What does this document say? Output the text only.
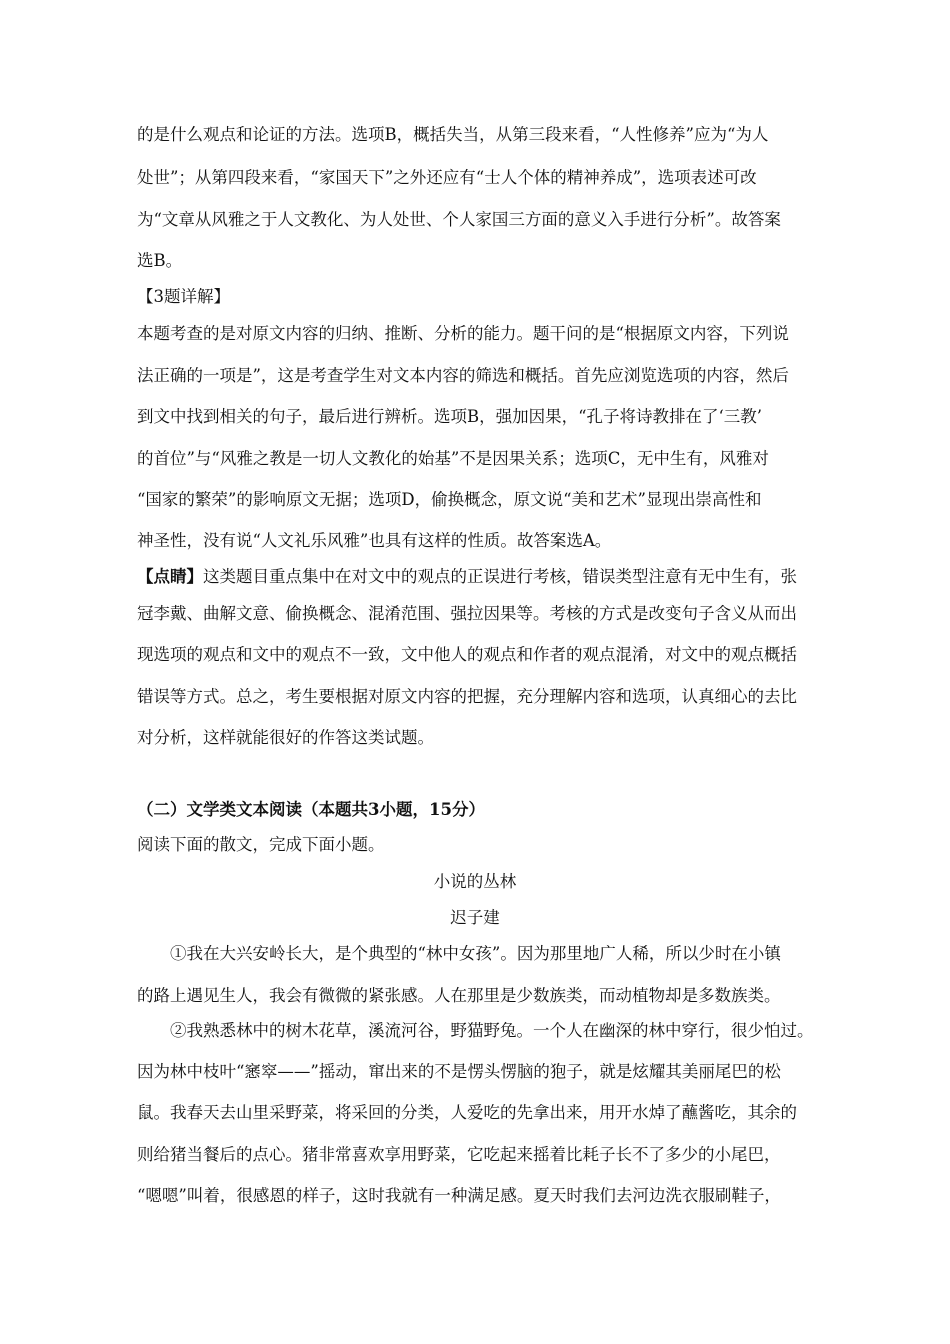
的是什么观点和论证的方法。选项B，概括失当，从第三段来看，“人性修养”应为“为人
处世”；从第四段来看，“家国天下”之外还应有“士人个体的精神养成”，选项表述可改
为“文章从风雅之于人文教化、为人处世、个人家国三方面的意义入手进行分析”。故答案
选B。
【3题详解】
本题考查的是对原文内容的归纳、推断、分析的能力。题干问的是“根据原文内容，下列说
法正确的一项是”，这是考查学生对文本内容的筛选和概括。首先应浏览选项的内容，然后
到文中找到相关的句子，最后进行辨析。选项B，强加因果，“孔子将诗教排在了‘三教’
的首位”与“风雅之教是一切人文教化的始基”不是因果关系；选项C，无中生有，风雅对
“国家的繁荣”的影响原文无据；选项D，偷换概念，原文说“美和艺术”显现出崇高性和
神圣性，没有说“人文礼乐风雅”也具有这样的性质。故答案选A。
【点睛】这类题目重点集中在对文中的观点的正误进行考核，错误类型注意有无中生有，张
冠李戴、曲解文意、偷换概念、混淆范围、强拉因果等。考核的方式是改变句子含义从而出
现选项的观点和文中的观点不一致，文中他人的观点和作者的观点混淆，对文中的观点概括
错误等方式。总之，考生要根据对原文内容的把握，充分理解内容和选项，认真细心的去比
对分析，这样就能很好的作答这类试题。
（二）文学类文本阅读（本题共3小题，15分）
阅读下面的散文，完成下面小题。
小说的丛林
迟子建
①我在大兴安岭长大，是个典型的“林中女孩”。因为那里地广人稀，所以少时在小镇
的路上遇见生人，我会有微微的紧张感。人在那里是少数族类，而动植物却是多数族类。
②我熟悉林中的树木花草，溪流河谷，野猫野兔。一个人在幽深的林中穿行，很少怕过。
因为林中枝叶“窸窣——”摇动，窜出来的不是愣头愣脑的狍子，就是炫耀其美丽尾巴的松
鼠。我春天去山里采野菜，将采回的分类，人爱吃的先拿出来，用开水焯了蘸酱吃，其余的
则给猪当餐后的点心。猪非常喜欢享用野菜，它吃起来摇着比耗子长不了多少的小尾巴，
“嗯嗯”叫着，很感恩的样子，这时我就有一种满足感。夏天时我们去河边洗衣服刷鞋子，
